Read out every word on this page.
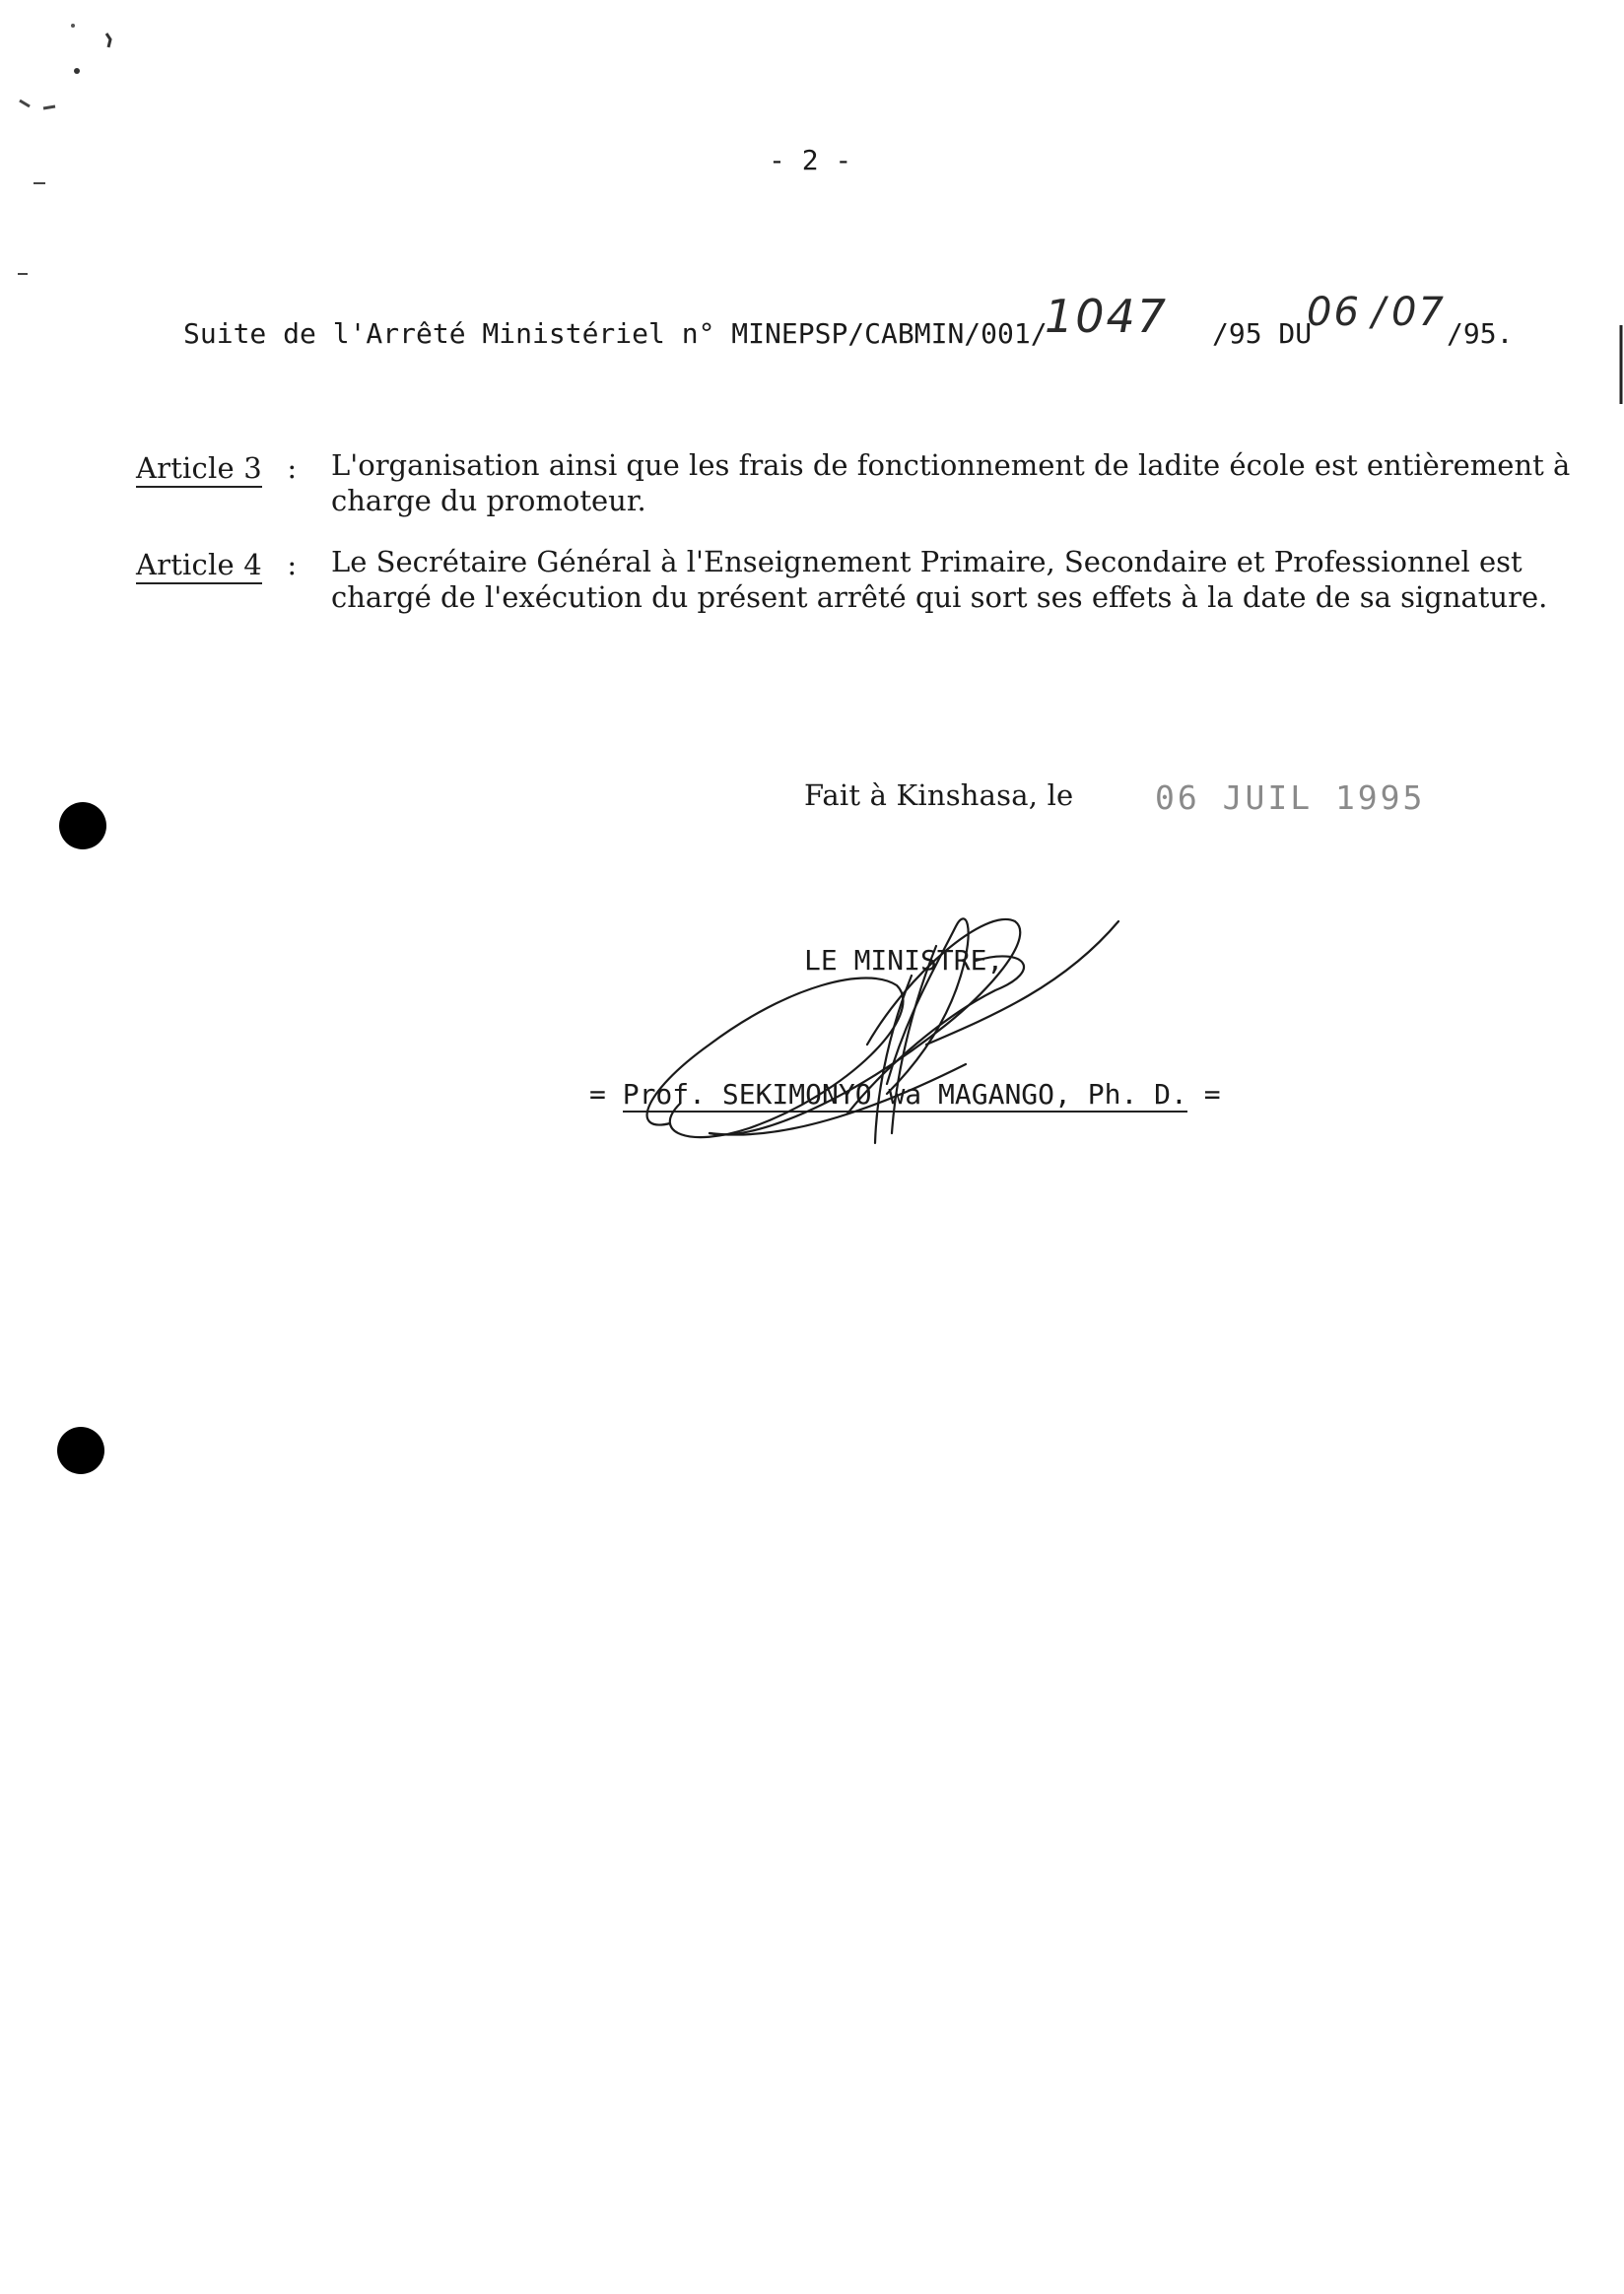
- 2 -
Suite de l'Arrêté Ministériel n° MINEPSP/CABMIN/001/
1047 /95 DU
06 / 07 /95.
Article 3 : L'organisation ainsi que les frais de fonctionnement de ladite école est entièrement à charge du promoteur.
Article 4 : Le Secrétaire Général à l'Enseignement Primaire, Secondaire et Professionnel est chargé de l'exécution du présent arrêté qui sort ses effets à la date de sa signature.
Fait à Kinshasa, le	06 JUIL 1995
LE MINISTRE,
= Prof. SEKIMONYO wa MAGANGO, Ph. D. =
